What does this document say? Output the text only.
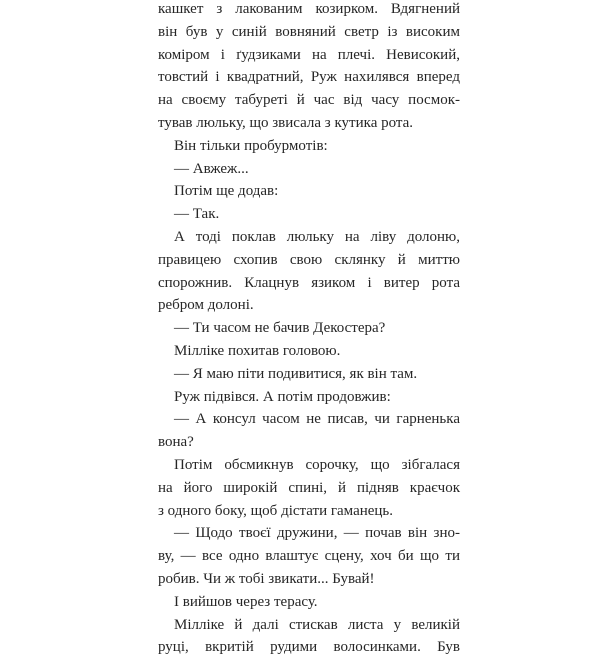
кашкет з лакованим козирком. Вдягнений
він був у синій вовняний светр із високим
коміром і ґудзиками на плечі. Невисокий,
товстий і квадратний, Руж нахилявся вперед
на своєму табуреті й час від часу посмок-
тував люльку, що звисала з кутика рота.
Він тільки пробурмотів:
— Авжеж...
Потім ще додав:
— Так.
А тоді поклав люльку на ліву долоню,
правицею схопив свою склянку й миттю
спорожнив. Клацнув язиком і витер рота
ребром долоні.
— Ти часом не бачив Декостера?
Мілліке похитав головою.
— Я маю піти подивитися, як він там.
Руж підвівся. А потім продовжив:
— А консул часом не писав, чи гарненька
вона?
Потім обсмикнув сорочку, що зібгалася
на його широкій спині, й підняв краєчок
з одного боку, щоб дістати гаманець.
— Щодо твоєї дружини, — почав він зно-
ву, — все одно влаштує сцену, хоч би що ти
робив. Чи ж тобі звикати... Бувай!
І вийшов через терасу.
Мілліке й далі стискав листа у великій
руці, вкритій рудими волосинками. Був
